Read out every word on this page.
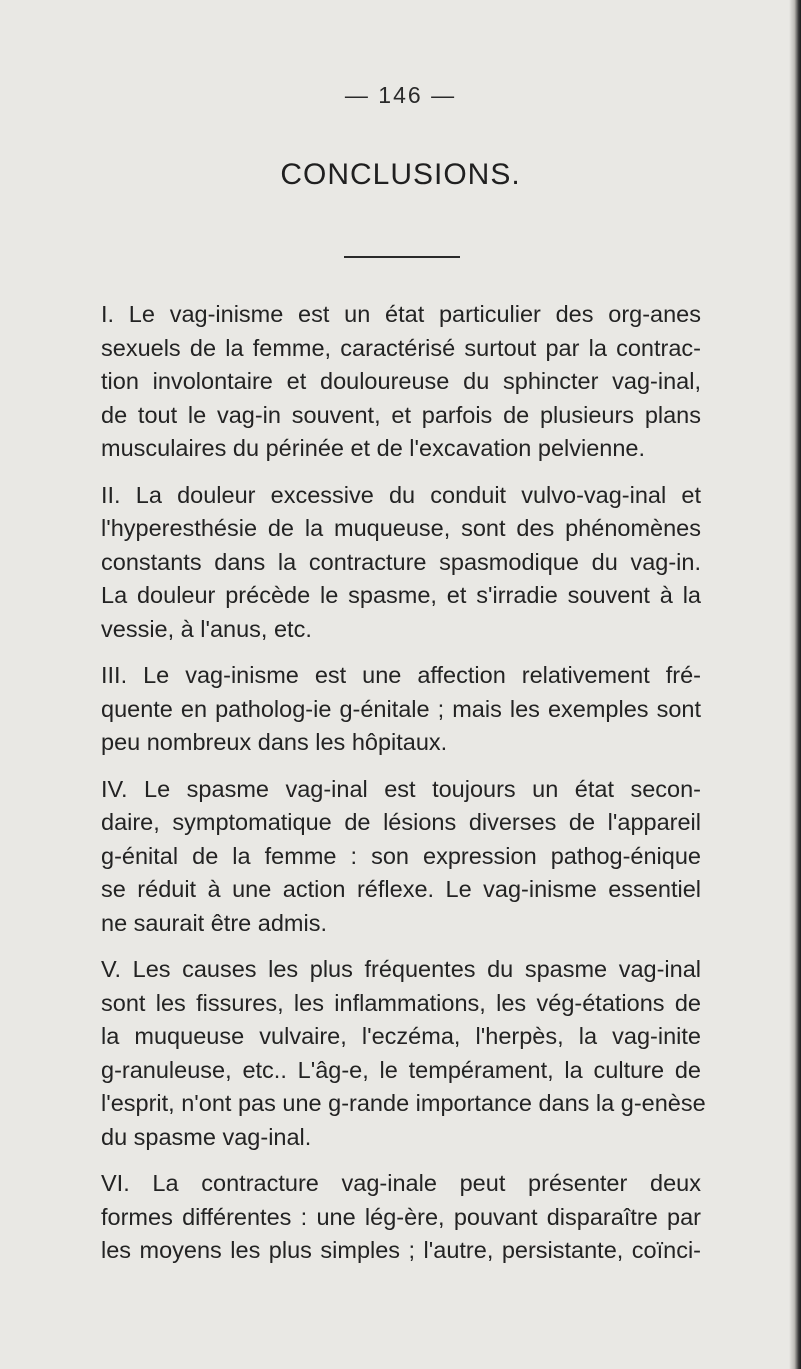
— 146 —
CONCLUSIONS.
I. Le vag-inisme est un état particulier des org-anes
sexuels de la femme, caractérisé surtout par la contrac-
tion involontaire et douloureuse du sphincter vag-inal,
de tout le vag-in souvent, et parfois de plusieurs plans
musculaires du périnée et de l'excavation pelvienne.
II. La douleur excessive du conduit vulvo-vag-inal et
l'hyperesthésie de la muqueuse, sont des phénomènes
constants dans la contracture spasmodique du vag-in.
La douleur précède le spasme, et s'irradie souvent à la
vessie, à l'anus, etc.
III. Le vag-inisme est une affection relativement fré-
quente en patholog-ie g-énitale ; mais les exemples sont
peu nombreux dans les hôpitaux.
IV. Le spasme vag-inal est toujours un état secon-
daire, symptomatique de lésions diverses de l'appareil
g-énital de la femme : son expression pathog-énique
se réduit à une action réflexe. Le vag-inisme essentiel
ne saurait être admis.
V. Les causes les plus fréquentes du spasme vag-inal
sont les fissures, les inflammations, les vég-étations de
la muqueuse vulvaire, l'eczéma, l'herpès, la vag-inite
g-ranuleuse, etc.. L'âg-e, le tempérament, la culture de
l'esprit, n'ont pas une g-rande importance dans la g-enèse
du spasme vag-inal.
VI. La contracture vag-inale peut présenter deux
formes différentes : une lég-ère, pouvant disparaître par
les moyens les plus simples ; l'autre, persistante, coïnci-
